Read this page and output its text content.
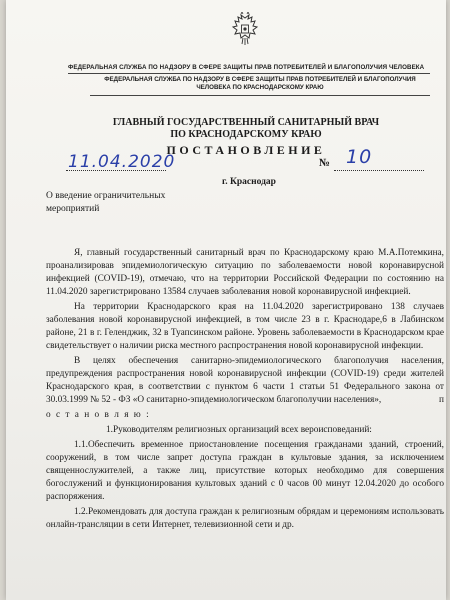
ФЕДЕРАЛЬНАЯ СЛУЖБА ПО НАДЗОРУ В СФЕРЕ ЗАЩИТЫ ПРАВ ПОТРЕБИТЕЛЕЙ И БЛАГОПОЛУЧИЯ ЧЕЛОВЕКА
ФЕДЕРАЛЬНАЯ СЛУЖБА ПО НАДЗОРУ В СФЕРЕ ЗАЩИТЫ ПРАВ ПОТРЕБИТЕЛЕЙ И БЛАГОПОЛУЧИЯ ЧЕЛОВЕКА ПО КРАСНОДАРСКОМУ КРАЮ
ГЛАВНЫЙ ГОСУДАРСТВЕННЫЙ САНИТАРНЫЙ ВРАЧ
ПО КРАСНОДАРСКОМУ КРАЮ
ПОСТАНОВЛЕНИЕ
11.04.2020	№ 10
г. Краснодар
О введение ограничительных
мероприятий

Я, главный государственный санитарный врач по Краснодарскому краю М.А.Потемкина, проанализировав эпидемиологическую ситуацию по заболеваемости новой коронавирусной инфекцией (COVID-19), отмечаю, что на территории Российской Федерации по состоянию на 11.04.2020 зарегистрировано 13584 случаев заболевания новой коронавирусной инфекцией.

На территории Краснодарского края на 11.04.2020 зарегистрировано 138 случаев заболевания новой коронавирусной инфекцией, в том числе 23 в г. Краснодаре,6 в Лабинском районе, 21 в г. Геленджик, 32 в Туапсинском районе. Уровень заболеваемости в Краснодарском крае свидетельствует о наличии риска местного распространения новой коронавирусной инфекции.

В целях обеспечения санитарно-эпидемиологического благополучия населения, предупреждения распространения новой коронавирусной инфекции (COVID-19) среди жителей Краснодарского края, в соответствии с пунктом 6 части 1 статьи 51 Федерального закона от 30.03.1999 № 52 - ФЗ «О санитарно-эпидемиологическом благополучии населения»,	п

о с т а н о в л я ю :

1.Руководителям религиозных организаций всех вероисповеданий:

1.1.Обеспечить временное приостановление посещения гражданами зданий, строений, сооружений, в том числе запрет доступа граждан в культовые здания, за исключением священнослужителей, а также лиц, присутствие которых необходимо для совершения богослужений и функционирования культовых зданий с 0 часов 00 минут 12.04.2020 до особого распоряжения.

1.2.Рекомендовать для доступа граждан к религиозным обрядам и церемониям использовать онлайн-трансляции в сети Интернет, телевизионной сети и др.
